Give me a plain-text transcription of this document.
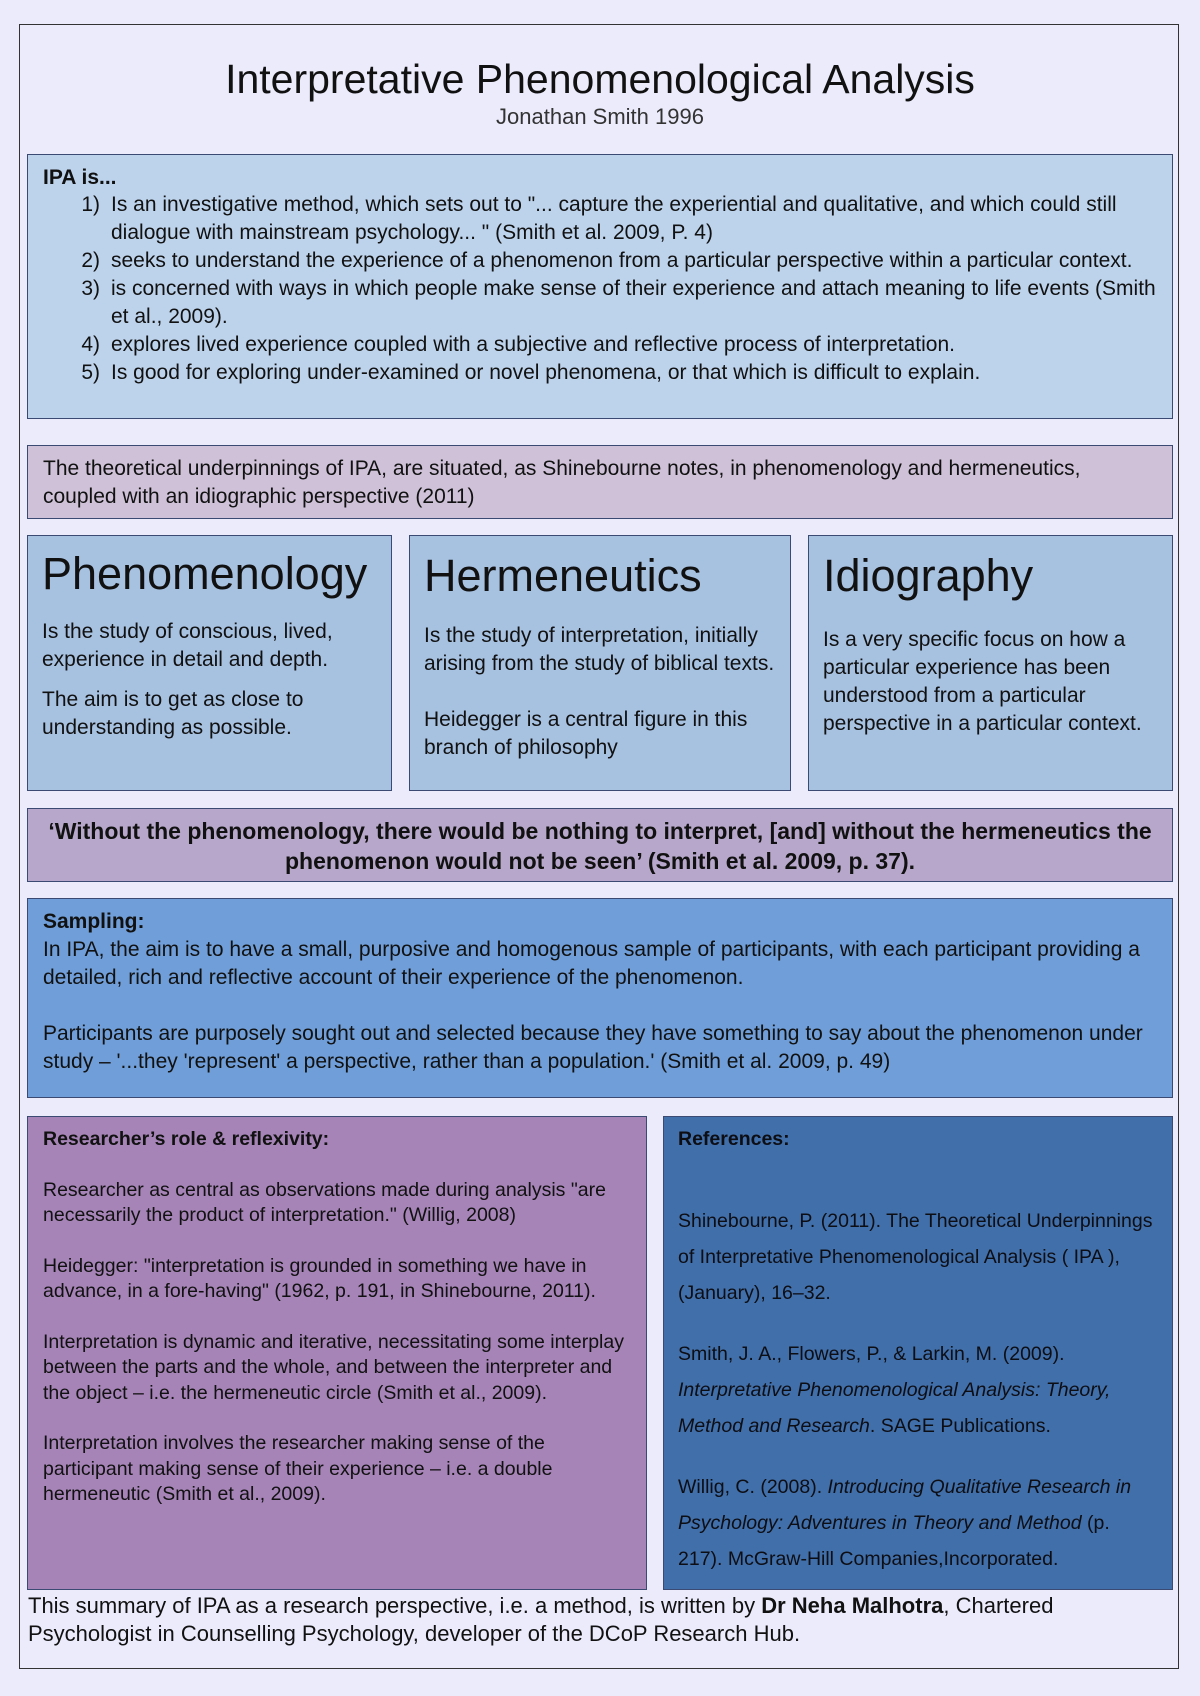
Interpretative Phenomenological Analysis
Jonathan Smith 1996
IPA is...
1) Is an investigative method, which sets out to "... capture the experiential and qualitative, and which could still dialogue with mainstream psychology... " (Smith et al. 2009, P. 4)
2) seeks to understand the experience of a phenomenon from a particular perspective within a particular context.
3) is concerned with ways in which people make sense of their experience and attach meaning to life events (Smith et al., 2009).
4) explores lived experience coupled with a subjective and reflective process of interpretation.
5) Is good for exploring under-examined or novel phenomena, or that which is difficult to explain.
The theoretical underpinnings of IPA, are situated, as Shinebourne notes, in phenomenology and hermeneutics, coupled with an idiographic perspective (2011)
Phenomenology

Is the study of conscious, lived, experience in detail and depth.

The aim is to get as close to understanding as possible.

Hermeneutics

Is the study of interpretation, initially arising from the study of biblical texts.

Heidegger is a central figure in this branch of philosophy

Idiography

Is a very specific focus on how a particular experience has been understood from a particular perspective in a particular context.

‘Without the phenomenology, there would be nothing to interpret, [and] without the hermeneutics the phenomenon would not be seen’ (Smith et al. 2009, p. 37).
Sampling:
In IPA, the aim is to have a small, purposive and homogenous sample of participants, with each participant providing a detailed, rich and reflective account of their experience of the phenomenon.
Participants are purposely sought out and selected because they have something to say about the phenomenon under study – '...they 'represent' a perspective, rather than a population.' (Smith et al. 2009, p. 49)
Researcher’s role & reflexivity:

Researcher as central as observations made during analysis "are necessarily the product of interpretation." (Willig, 2008)

Heidegger: "interpretation is grounded in something we have in advance, in a fore-having" (1962, p. 191, in Shinebourne, 2011).

Interpretation is dynamic and iterative, necessitating some interplay between the parts and the whole, and between the interpreter and the object – i.e. the hermeneutic circle (Smith et al., 2009).

Interpretation involves the researcher making sense of the participant making sense of their experience – i.e. a double hermeneutic (Smith et al., 2009).

References:

Shinebourne, P. (2011). The Theoretical Underpinnings of Interpretative Phenomenological Analysis ( IPA ), (January), 16–32.

Smith, J. A., Flowers, P., & Larkin, M. (2009). Interpretative Phenomenological Analysis: Theory, Method and Research. SAGE Publications.

Willig, C. (2008). Introducing Qualitative Research in Psychology: Adventures in Theory and Method (p. 217). McGraw-Hill Companies,Incorporated.

This summary of IPA as a research perspective, i.e. a method, is written by Dr Neha Malhotra, Chartered Psychologist in Counselling Psychology, developer of the DCoP Research Hub.
